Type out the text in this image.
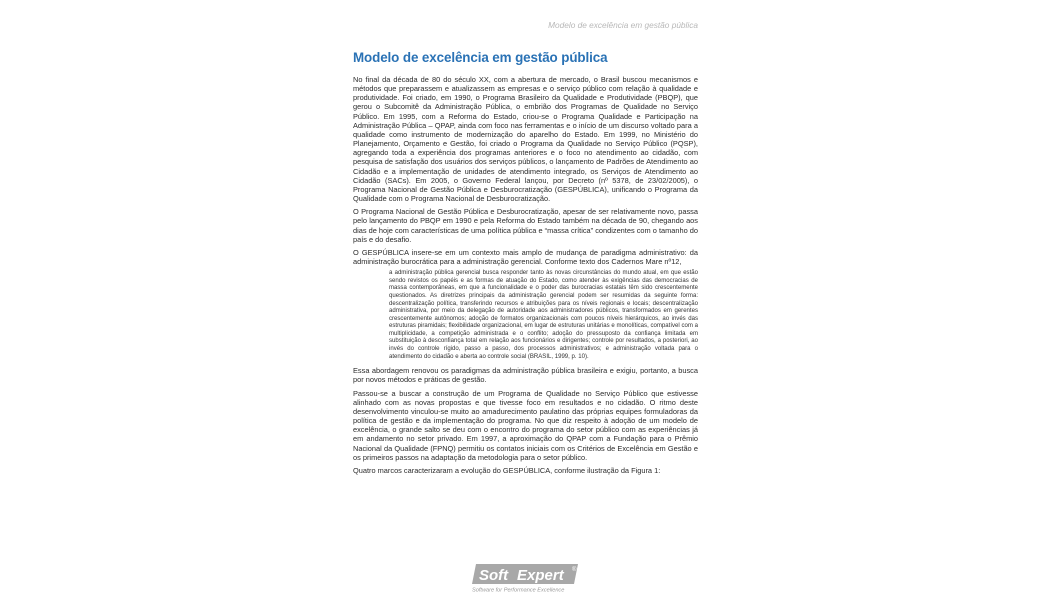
Modelo de excelência em gestão pública
Modelo de excelência em gestão pública

No final da década de 80 do século XX, com a abertura de mercado, o Brasil buscou mecanismos e métodos que preparassem e atualizassem as empresas e o serviço público com relação à qualidade e produtividade. Foi criado, em 1990, o Programa Brasileiro da Qualidade e Produtividade (PBQP), que gerou o Subcomitê da Administração Pública, o embrião dos Programas de Qualidade no Serviço Público. Em 1995, com a Reforma do Estado, criou-se o Programa Qualidade e Participação na Administração Pública – QPAP, ainda com foco nas ferramentas e o início de um discurso voltado para a qualidade como instrumento de modernização do aparelho do Estado. Em 1999, no Ministério do Planejamento, Orçamento e Gestão, foi criado o Programa da Qualidade no Serviço Público (PQSP), agregando toda a experiência dos programas anteriores e o foco no atendimento ao cidadão, com pesquisa de satisfação dos usuários dos serviços públicos, o lançamento de Padrões de Atendimento ao Cidadão e a implementação de unidades de atendimento integrado, os Serviços de Atendimento ao Cidadão (SACs). Em 2005, o Governo Federal lançou, por Decreto (nº 5378, de 23/02/2005), o Programa Nacional de Gestão Pública e Desburocratização (GESPÚBLICA), unificando o Programa da Qualidade com o Programa Nacional de Desburocratização.

O Programa Nacional de Gestão Pública e Desburocratização, apesar de ser relativamente novo, passa pelo lançamento do PBQP em 1990 e pela Reforma do Estado também na década de 90, chegando aos dias de hoje com características de uma política pública e “massa crítica” condizentes com o tamanho do país e do desafio.

O GESPÚBLICA insere-se em um contexto mais amplo de mudança de paradigma administrativo: da administração burocrática para a administração gerencial. Conforme texto dos Cadernos Mare nº12,

a administração pública gerencial busca responder tanto às novas circunstâncias do mundo atual, em que estão sendo revistos os papéis e as formas de atuação do Estado, como atender às exigências das democracias de massa contemporâneas, em que a funcionalidade e o poder das burocracias estatais têm sido crescentemente questionados. As diretrizes principais da administração gerencial podem ser resumidas da seguinte forma: descentralização política, transferindo recursos e atribuições para os níveis regionais e locais; descentralização administrativa, por meio da delegação de autoridade aos administradores públicos, transformados em gerentes crescentemente autônomos; adoção de formatos organizacionais com poucos níveis hierárquicos, ao invés das estruturas piramidais; flexibilidade organizacional, em lugar de estruturas unitárias e monolíticas, compatível com a multiplicidade, a competição administrada e o conflito; adoção do pressuposto da confiança limitada em substituição à desconfiança total em relação aos funcionários e dirigentes; controle por resultados, a posteriori, ao invés do controle rígido, passo a passo, dos processos administrativos; e administração voltada para o atendimento do cidadão e aberta ao controle social (BRASIL, 1999, p. 10).

Essa abordagem renovou os paradigmas da administração pública brasileira e exigiu, portanto, a busca por novos métodos e práticas de gestão.

Passou-se a buscar a construção de um Programa de Qualidade no Serviço Público que estivesse alinhado com as novas propostas e que tivesse foco em resultados e no cidadão. O ritmo deste desenvolvimento vinculou-se muito ao amadurecimento paulatino das próprias equipes formuladoras da política de gestão e da implementação do programa. No que diz respeito à adoção de um modelo de excelência, o grande salto se deu com o encontro do programa do setor público com as experiências já em andamento no setor privado. Em 1997, a aproximação do QPAP com a Fundação para o Prêmio Nacional da Qualidade (FPNQ) permitiu os contatos iniciais com os Critérios de Excelência em Gestão e os primeiros passos na adaptação da metodologia para o setor público.

Quatro marcos caracterizaram a evolução do GESPÚBLICA, conforme ilustração da Figura 1:

Soft Expert ®
Software for Performance Excellence
